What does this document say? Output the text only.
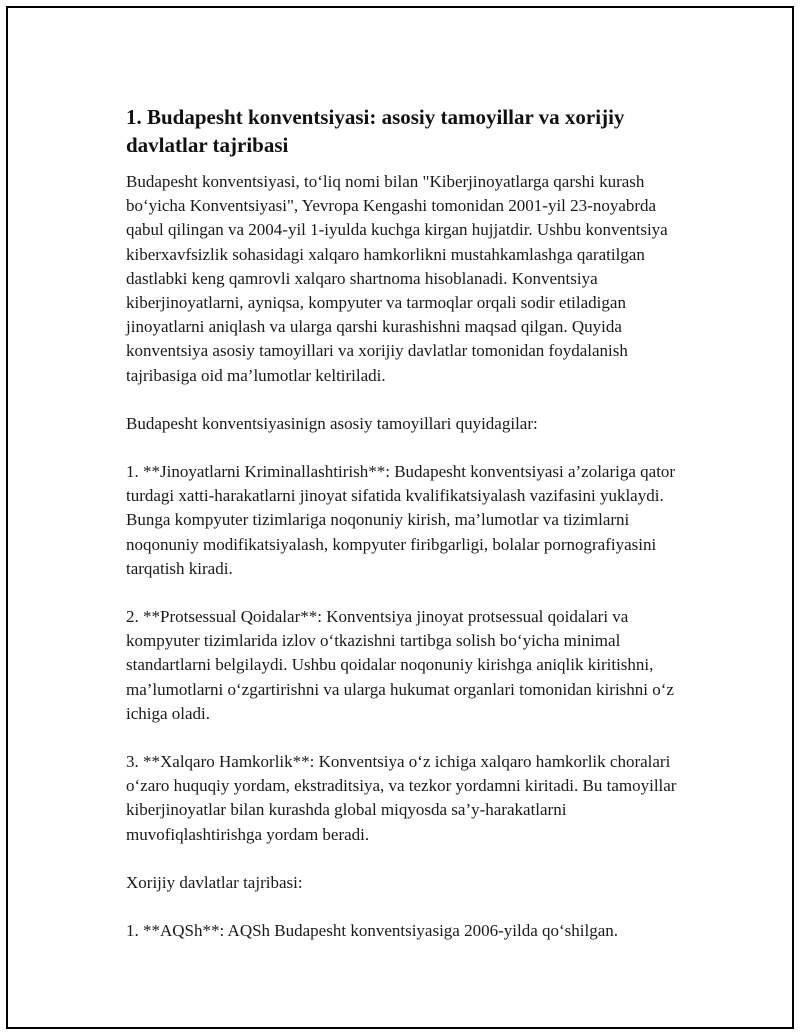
1. Budapesht konventsiyasi: asosiy tamoyillar va xorijiy davlatlar tajribasi

Budapesht konventsiyasi, to‘liq nomi bilan "Kiberjinoyatlarga qarshi kurash bo‘yicha Konventsiyasi", Yevropa Kengashi tomonidan 2001-yil 23-noyabrda qabul qilingan va 2004-yil 1-iyulda kuchga kirgan hujjatdir. Ushbu konventsiya kiberxavfsizlik sohasidagi xalqaro hamkorlikni mustahkamlashga qaratilgan dastlabki keng qamrovli xalqaro shartnoma hisoblanadi. Konventsiya kiberjinoyatlarni, ayniqsa, kompyuter va tarmoqlar orqali sodir etiladigan jinoyatlarni aniqlash va ularga qarshi kurashishni maqsad qilgan. Quyida konventsiya asosiy tamoyillari va xorijiy davlatlar tomonidan foydalanish tajribasiga oid ma’lumotlar keltiriladi.

Budapesht konventsiyasinign asosiy tamoyillari quyidagilar:

1. **Jinoyatlarni Kriminallashtirish**: Budapesht konventsiyasi a’zolariga qator turdagi xatti-harakatlarni jinoyat sifatida kvalifikatsiyalash vazifasini yuklaydi. Bunga kompyuter tizimlariga noqonuniy kirish, ma’lumotlar va tizimlarni noqonuniy modifikatsiyalash, kompyuter firibgarligi, bolalar pornografiyasini tarqatish kiradi.

2. **Protsessual Qoidalar**: Konventsiya jinoyat protsessual qoidalari va kompyuter tizimlarida izlov o‘tkazishni tartibga solish bo‘yicha minimal standartlarni belgilaydi. Ushbu qoidalar noqonuniy kirishga aniqlik kiritishni, ma’lumotlarni o‘zgartirishni va ularga hukumat organlari tomonidan kirishni o‘z ichiga oladi.

3. **Xalqaro Hamkorlik**: Konventsiya o‘z ichiga xalqaro hamkorlik choralari o‘zaro huquqiy yordam, ekstraditsiya, va tezkor yordamni kiritadi. Bu tamoyillar kiberjinoyatlar bilan kurashda global miqyosda sa’y-harakatlarni muvofiqlashtirishga yordam beradi.

Xorijiy davlatlar tajribasi:

1. **AQSh**: AQSh Budapesht konventsiyasiga 2006-yilda qo‘shilgan.
